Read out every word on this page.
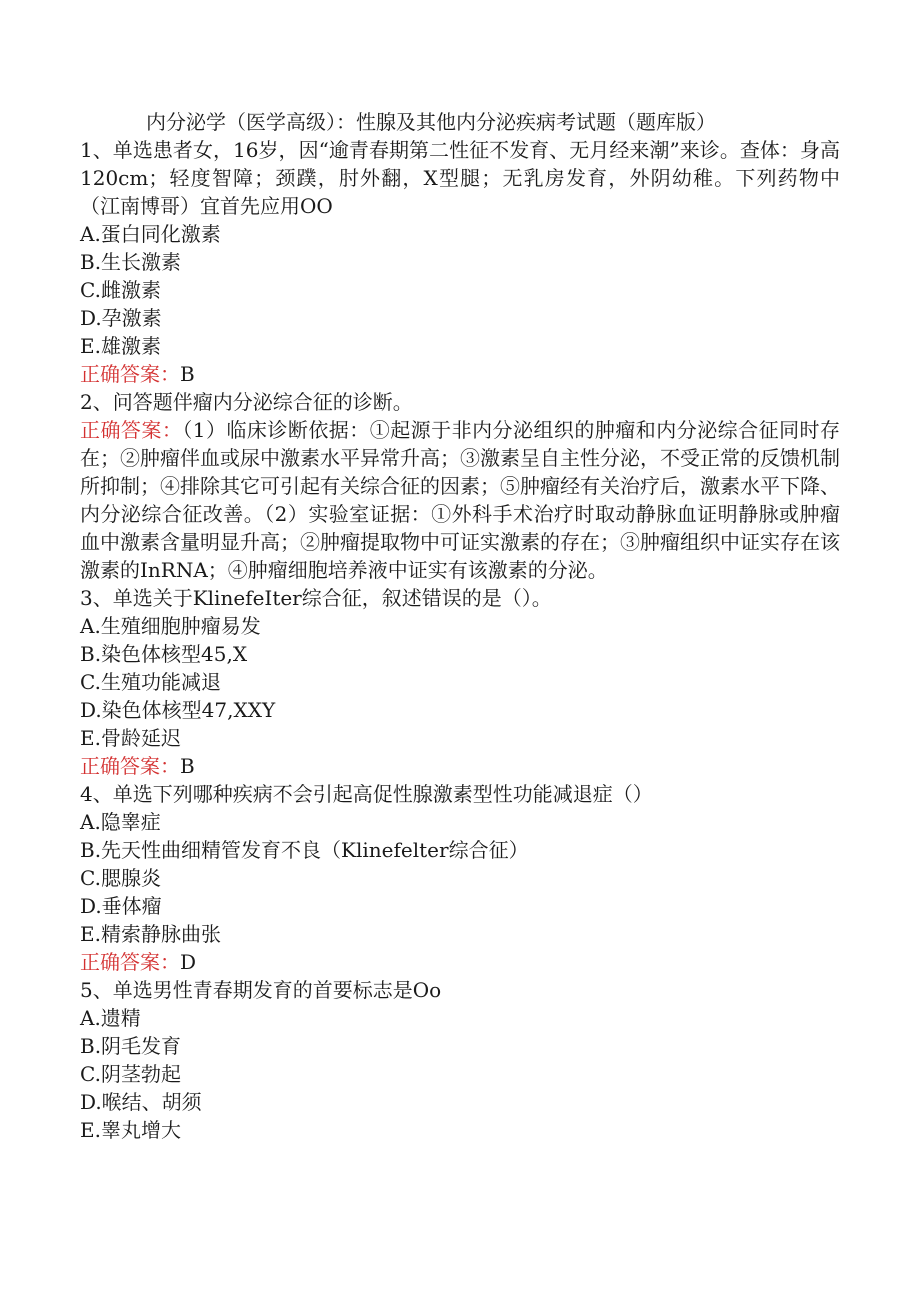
内分泌学（医学高级）：性腺及其他内分泌疾病考试题（题库版）
1、单选患者女，16岁，因“逾青春期第二性征不发育、无月经来潮”来诊。查体：身高120cm；轻度智障；颈蹼，肘外翻，X型腿；无乳房发育，外阴幼稚。下列药物中（江南博哥）宜首先应用OO
A.蛋白同化激素
B.生长激素
C.雌激素
D.孕激素
E.雄激素
正确答案：B
2、问答题伴瘤内分泌综合征的诊断。
正确答案：（1）临床诊断依据：①起源于非内分泌组织的肿瘤和内分泌综合征同时存在；②肿瘤伴血或尿中激素水平异常升高；③激素呈自主性分泌，不受正常的反馈机制所抑制；④排除其它可引起有关综合征的因素；⑤肿瘤经有关治疗后，激素水平下降、内分泌综合征改善。（2）实验室证据：①外科手术治疗时取动静脉血证明静脉或肿瘤血中激素含量明显升高；②肿瘤提取物中可证实激素的存在；③肿瘤组织中证实存在该激素的InRNA；④肿瘤细胞培养液中证实有该激素的分泌。
3、单选关于KlinefeIter综合征，叙述错误的是（）。
A.生殖细胞肿瘤易发
B.染色体核型45,X
C.生殖功能减退
D.染色体核型47,XXY
E.骨龄延迟
正确答案：B
4、单选下列哪种疾病不会引起高促性腺激素型性功能减退症（）
A.隐睾症
B.先天性曲细精管发育不良（Klinefelter综合征）
C.腮腺炎
D.垂体瘤
E.精索静脉曲张
正确答案：D
5、单选男性青春期发育的首要标志是Oo
A.遗精
B.阴毛发育
C.阴茎勃起
D.喉结、胡须
E.睾丸增大
